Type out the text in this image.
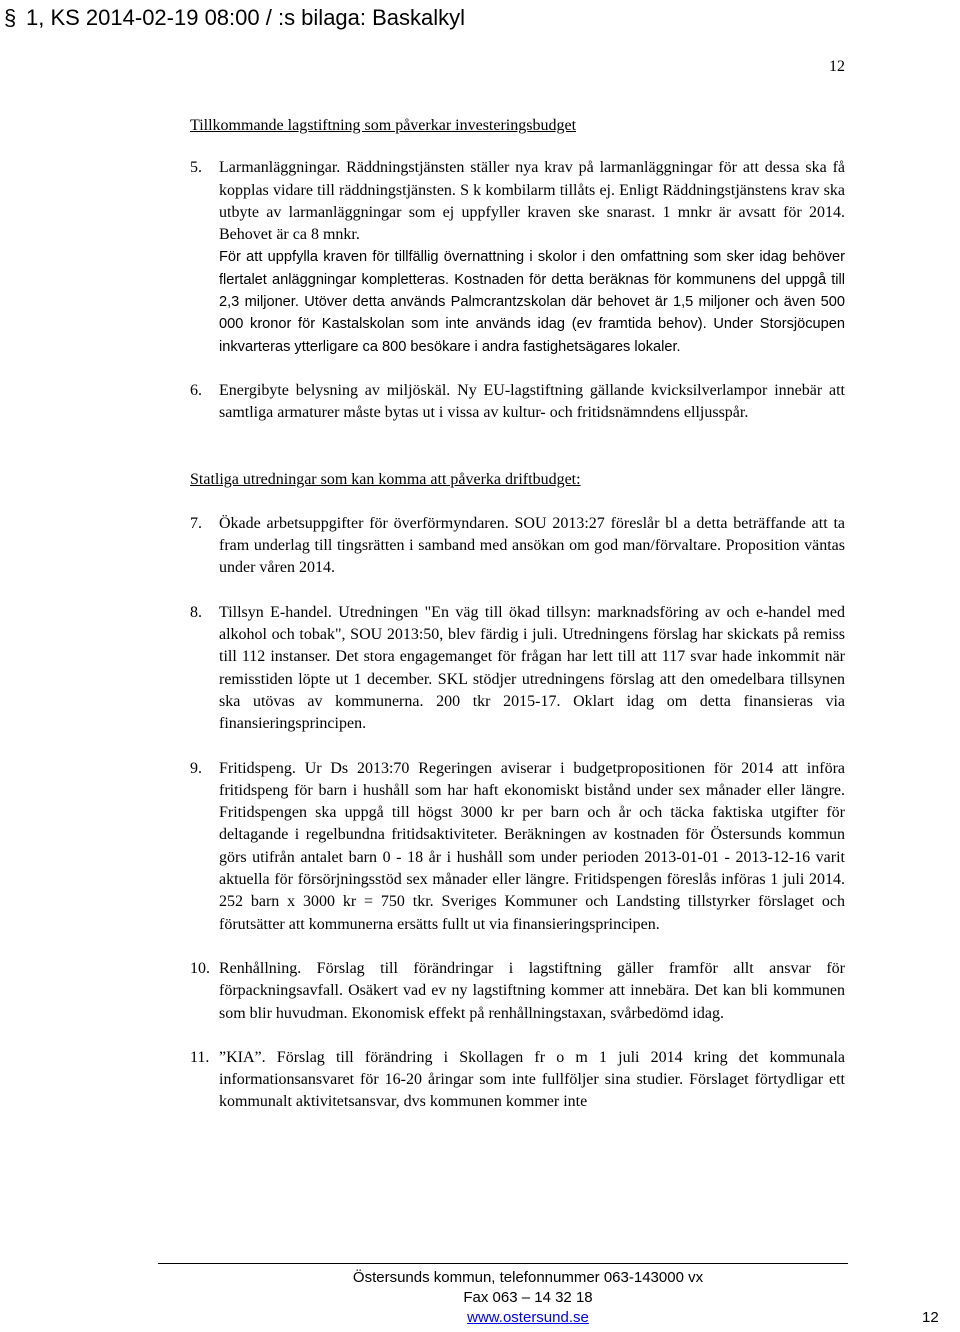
§ 1, KS 2014-02-19 08:00 / :s bilaga: Baskalkyl
12

Tillkommande lagstiftning som påverkar investeringsbudget

5. Larmanläggningar. Räddningstjänsten ställer nya krav på larmanläggningar för att dessa ska få kopplas vidare till räddningstjänsten. S k kombilarm tillåts ej. Enligt Räddningstjänstens krav ska utbyte av larmanläggningar som ej uppfyller kraven ske snarast. 1 mnkr är avsatt för 2014. Behovet är ca 8 mnkr.

För att uppfylla kraven för tillfällig övernattning i skolor i den omfattning som sker idag behöver flertalet anläggningar kompletteras. Kostnaden för detta beräknas för kommunens del uppgå till 2,3 miljoner. Utöver detta används Palmcrantzskolan där behovet är 1,5 miljoner och även 500 000 kronor för Kastalskolan som inte används idag (ev framtida behov). Under Storsjöcupen inkvarteras ytterligare ca 800 besökare i andra fastighetsägares lokaler.

6. Energibyte belysning av miljöskäl. Ny EU-lagstiftning gällande kvicksilverlampor innebär att samtliga armaturer måste bytas ut i vissa av kultur- och fritidsnämndens elljusspår.

Statliga utredningar som kan komma att påverka driftbudget:

7. Ökade arbetsuppgifter för överförmyndaren. SOU 2013:27 föreslår bl a detta beträffande att ta fram underlag till tingsrätten i samband med ansökan om god man/förvaltare. Proposition väntas under våren 2014.

8. Tillsyn E-handel. Utredningen "En väg till ökad tillsyn: marknadsföring av och e-handel med alkohol och tobak", SOU 2013:50, blev färdig i juli. Utredningens förslag har skickats på remiss till 112 instanser. Det stora engagemanget för frågan har lett till att 117 svar hade inkommit när remisstiden löpte ut 1 december. SKL stödjer utredningens förslag att den omedelbara tillsynen ska utövas av kommunerna. 200 tkr 2015-17. Oklart idag om detta finansieras via finansieringsprincipen.

9. Fritidspeng. Ur Ds 2013:70 Regeringen aviserar i budgetpropositionen för 2014 att införa fritidspeng för barn i hushåll som har haft ekonomiskt bistånd under sex månader eller längre. Fritidspengen ska uppgå till högst 3000 kr per barn och år och täcka faktiska utgifter för deltagande i regelbundna fritidsaktiviteter. Beräkningen av kostnaden för Östersunds kommun görs utifrån antalet barn 0 - 18 år i hushåll som under perioden 2013-01-01 - 2013-12-16 varit aktuella för försörjningsstöd sex månader eller längre. Fritidspengen föreslås införas 1 juli 2014. 252 barn x 3000 kr = 750 tkr. Sveriges Kommuner och Landsting tillstyrker förslaget och förutsätter att kommunerna ersätts fullt ut via finansieringsprincipen.

10. Renhållning. Förslag till förändringar i lagstiftning gäller framför allt ansvar för förpackningsavfall. Osäkert vad ev ny lagstiftning kommer att innebära. Det kan bli kommunen som blir huvudman. Ekonomisk effekt på renhållningstaxan, svårbedömd idag.

11. ”KIA”. Förslag till förändring i Skollagen fr o m 1 juli 2014 kring det kommunala informationsansvaret för 16-20 åringar som inte fullföljer sina studier. Förslaget förtydligar ett kommunalt aktivitetsansvar, dvs kommunen kommer inte

Östersunds kommun, telefonnummer 063-143000 vx
Fax 063 – 14 32 18
www.ostersund.se	12
